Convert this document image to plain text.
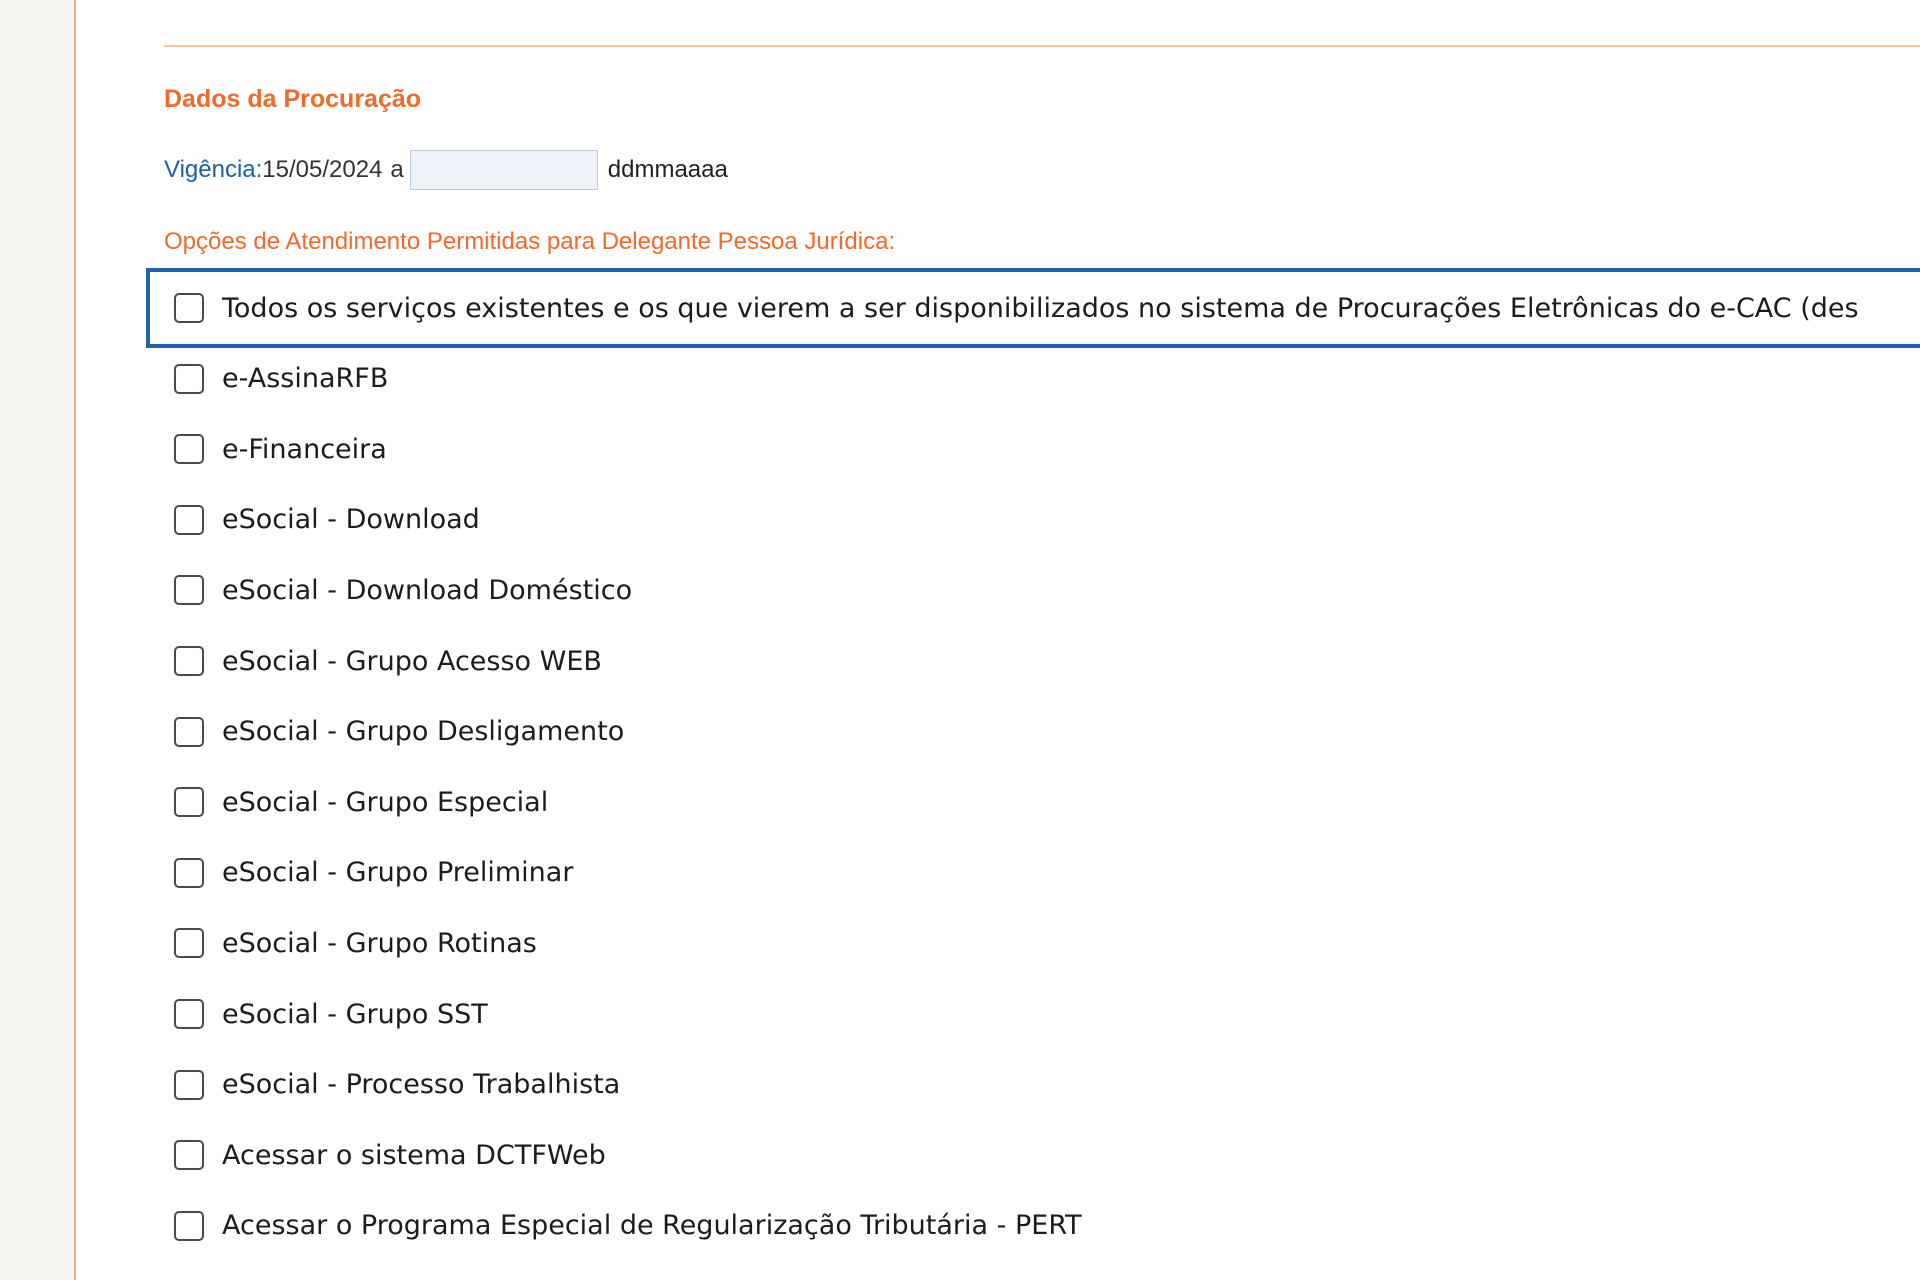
Dados da Procuração
Vigência: 15/05/2024 a	ddmmaaaa
Opções de Atendimento Permitidas para Delegante Pessoa Jurídica:
Todos os serviços existentes e os que vierem a ser disponibilizados no sistema de Procurações Eletrônicas do e-CAC (des
e-AssinaRFB
e-Financeira
eSocial - Download
eSocial - Download Doméstico
eSocial - Grupo Acesso WEB
eSocial - Grupo Desligamento
eSocial - Grupo Especial
eSocial - Grupo Preliminar
eSocial - Grupo Rotinas
eSocial - Grupo SST
eSocial - Processo Trabalhista
Acessar o sistema DCTFWeb
Acessar o Programa Especial de Regularização Tributária - PERT
